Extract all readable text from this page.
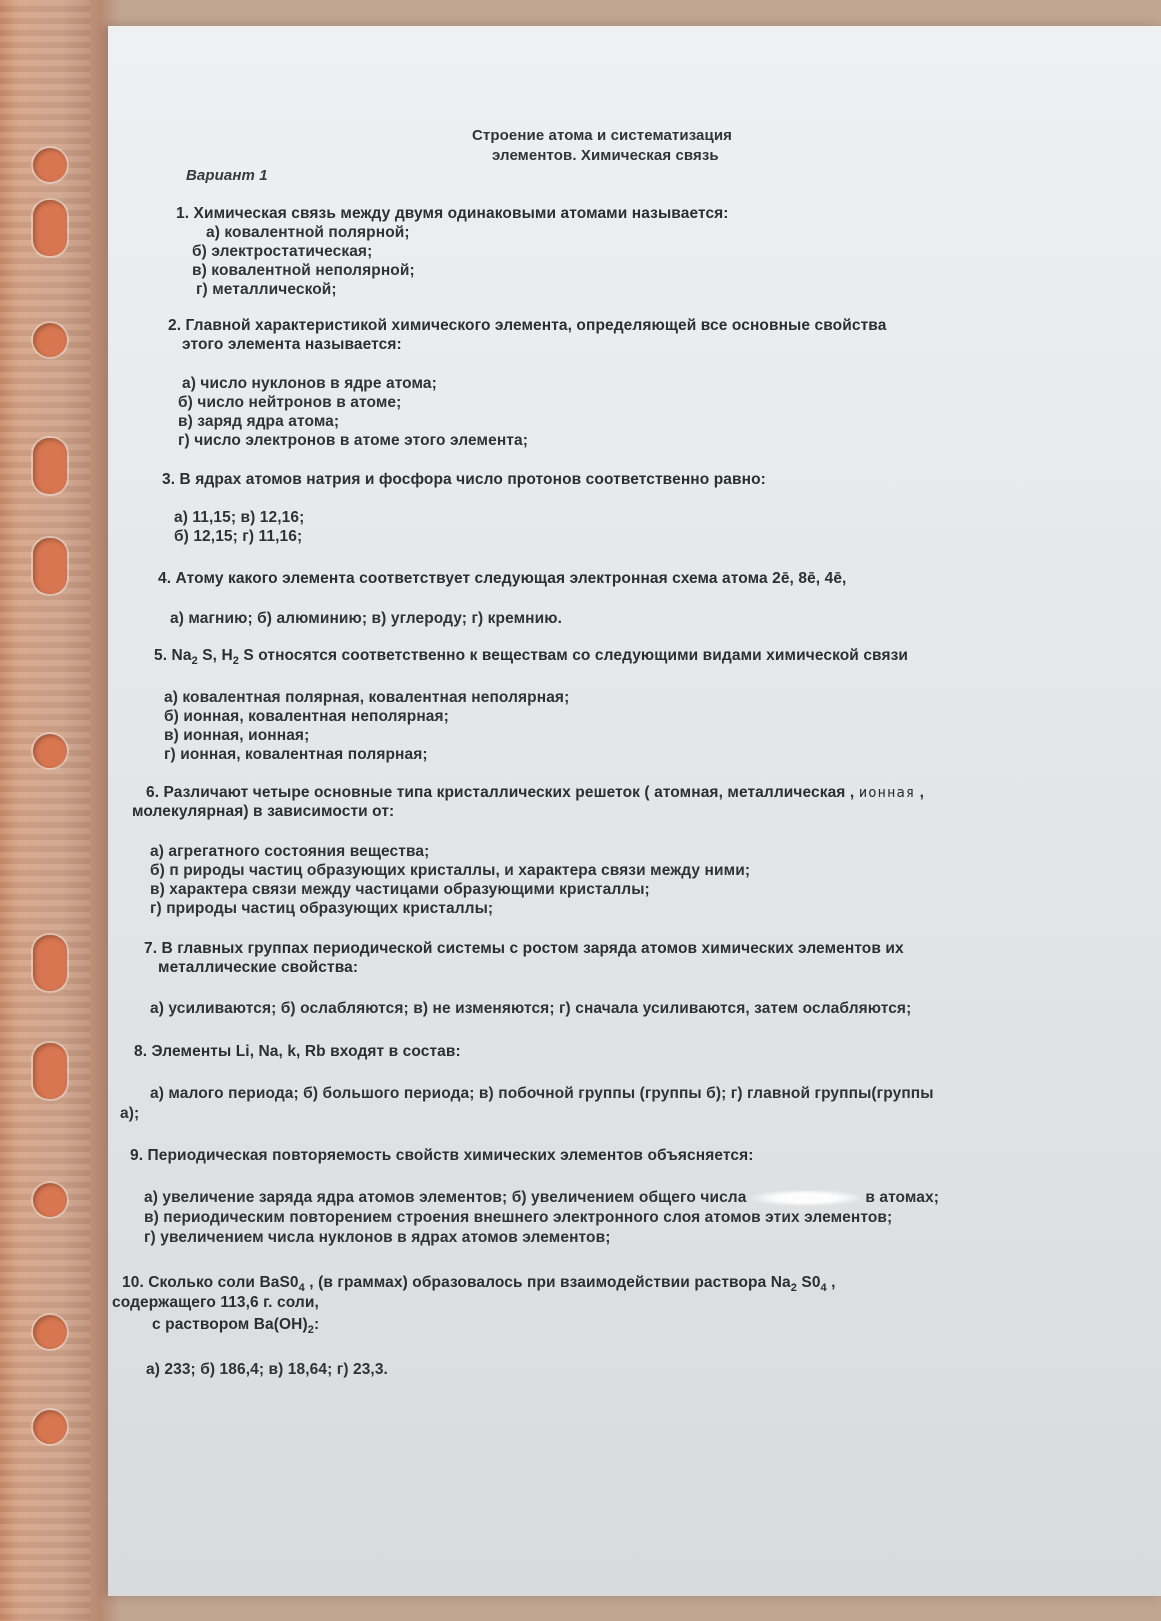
Строение атома и систематизация
элементов. Химическая связь
Вариант 1
1. Химическая связь между двумя одинаковыми атомами называется:
а) ковалентной полярной;
б) электростатическая;
в) ковалентной неполярной;
г) металлической;
2. Главной характеристикой химического элемента, определяющей все основные свойства
этого элемента называется:
а) число нуклонов в ядре атома;
б) число нейтронов в атоме;
в) заряд ядра атома;
г) число электронов в атоме этого элемента;
3. В ядрах атомов натрия и фосфора число протонов соответственно равно:
а) 11,15; в) 12,16;
б) 12,15; г) 11,16;
4. Атому какого элемента соответствует следующая электронная схема атома 2ē, 8ē, 4ē,
а) магнию; б) алюминию; в) углероду; г) кремнию.
5. $Na_2$ S, $H_2$ S относятся соответственно к веществам со следующими видами химической связи
а) ковалентная полярная, ковалентная неполярная;
б) ионная, ковалентная неполярная;
в) ионная, ионная;
г) ионная, ковалентная полярная;
6. Различают четыре основные типа кристаллических решеток ( атомная, металлическая , ионная ,
молекулярная) в зависимости от:
а) агрегатного состояния вещества;
б) п рироды частиц образующих кристаллы, и характера связи между ними;
в) характера связи между частицами образующими кристаллы;
г) природы частиц образующих кристаллы;
7. В главных группах периодической системы с ростом заряда атомов химических элементов их
металлические свойства:
а) усиливаются; б) ослабляются; в) не изменяются; г) сначала усиливаются, затем ослабляются;
8. Элементы Li, Na, k, Rb входят в состав:
а) малого периода; б) большого периода; в) побочной группы (группы б); г) главной группы(группы
а);
9. Периодическая повторяемость свойств химических элементов объясняется:
а) увеличение заряда ядра атомов элементов; б) увеличением общего числа	в атомах;
в) периодическим повторением строения внешнего электронного слоя атомов этих элементов;
г) увеличением числа нуклонов в ядрах атомов элементов;
10. Сколько соли $BaS0_4$ , (в граммах) образовалось при взаимодействии раствора $Na_2$ $S0_4$ ,
содержащего 113,6 г. соли,
с раствором $Ba(OH)_2$:
а) 233; б) 186,4; в) 18,64; г) 23,3.
